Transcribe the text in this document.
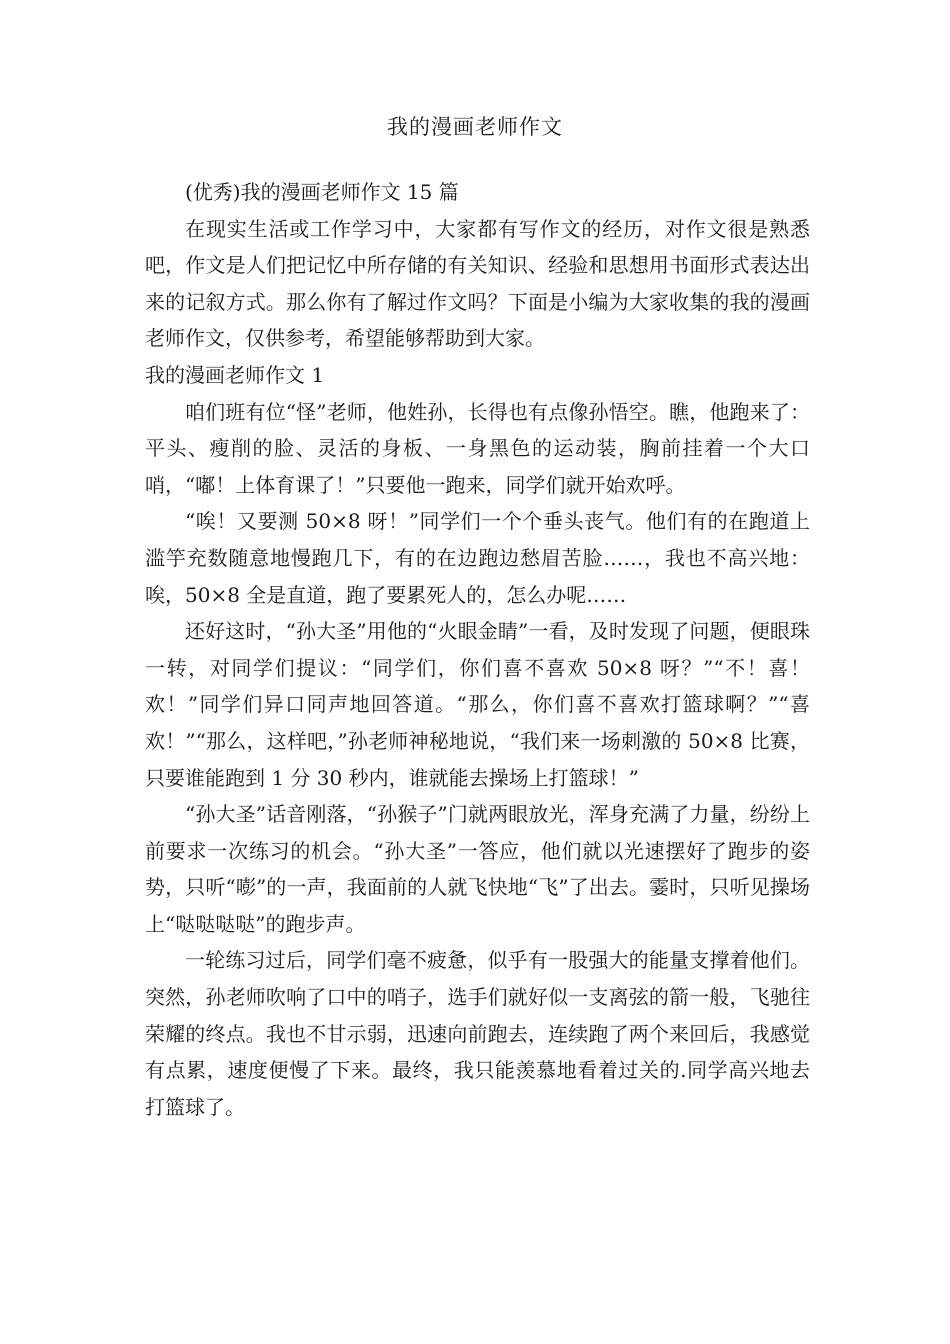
我的漫画老师作文

(优秀)我的漫画老师作文 15 篇

在现实生活或工作学习中，大家都有写作文的经历，对作文很是熟悉吧，作文是人们把记忆中所存储的有关知识、经验和思想用书面形式表达出来的记叙方式。那么你有了解过作文吗？下面是小编为大家收集的我的漫画老师作文，仅供参考，希望能够帮助到大家。

我的漫画老师作文 1

咱们班有位“怪”老师，他姓孙，长得也有点像孙悟空。瞧，他跑来了：平头、瘦削的脸、灵活的身板、一身黑色的运动装，胸前挂着一个大口哨，“嘟！上体育课了！”只要他一跑来，同学们就开始欢呼。

“唉！又要测 50×8 呀！”同学们一个个垂头丧气。他们有的在跑道上滥竽充数随意地慢跑几下，有的在边跑边愁眉苦脸……，我也不高兴地：唉，50×8 全是直道，跑了要累死人的，怎么办呢……

还好这时，“孙大圣”用他的“火眼金睛”一看，及时发现了问题，便眼珠一转，对同学们提议：“同学们，你们喜不喜欢 50×8 呀？”“不！喜！欢！”同学们异口同声地回答道。“那么，你们喜不喜欢打篮球啊？”“喜欢！”“那么，这样吧，”孙老师神秘地说，“我们来一场刺激的 50×8 比赛，只要谁能跑到 1 分 30 秒内，谁就能去操场上打篮球！”

“孙大圣”话音刚落，“孙猴子”门就两眼放光，浑身充满了力量，纷纷上前要求一次练习的机会。“孙大圣”一答应，他们就以光速摆好了跑步的姿势，只听“嘭”的一声，我面前的人就飞快地“飞”了出去。霎时，只听见操场上“哒哒哒哒”的跑步声。

一轮练习过后，同学们毫不疲惫，似乎有一股强大的能量支撑着他们。突然，孙老师吹响了口中的哨子，选手们就好似一支离弦的箭一般，飞驰往荣耀的终点。我也不甘示弱，迅速向前跑去，连续跑了两个来回后，我感觉有点累，速度便慢了下来。最终，我只能羡慕地看着过关的.同学高兴地去打篮球了。
